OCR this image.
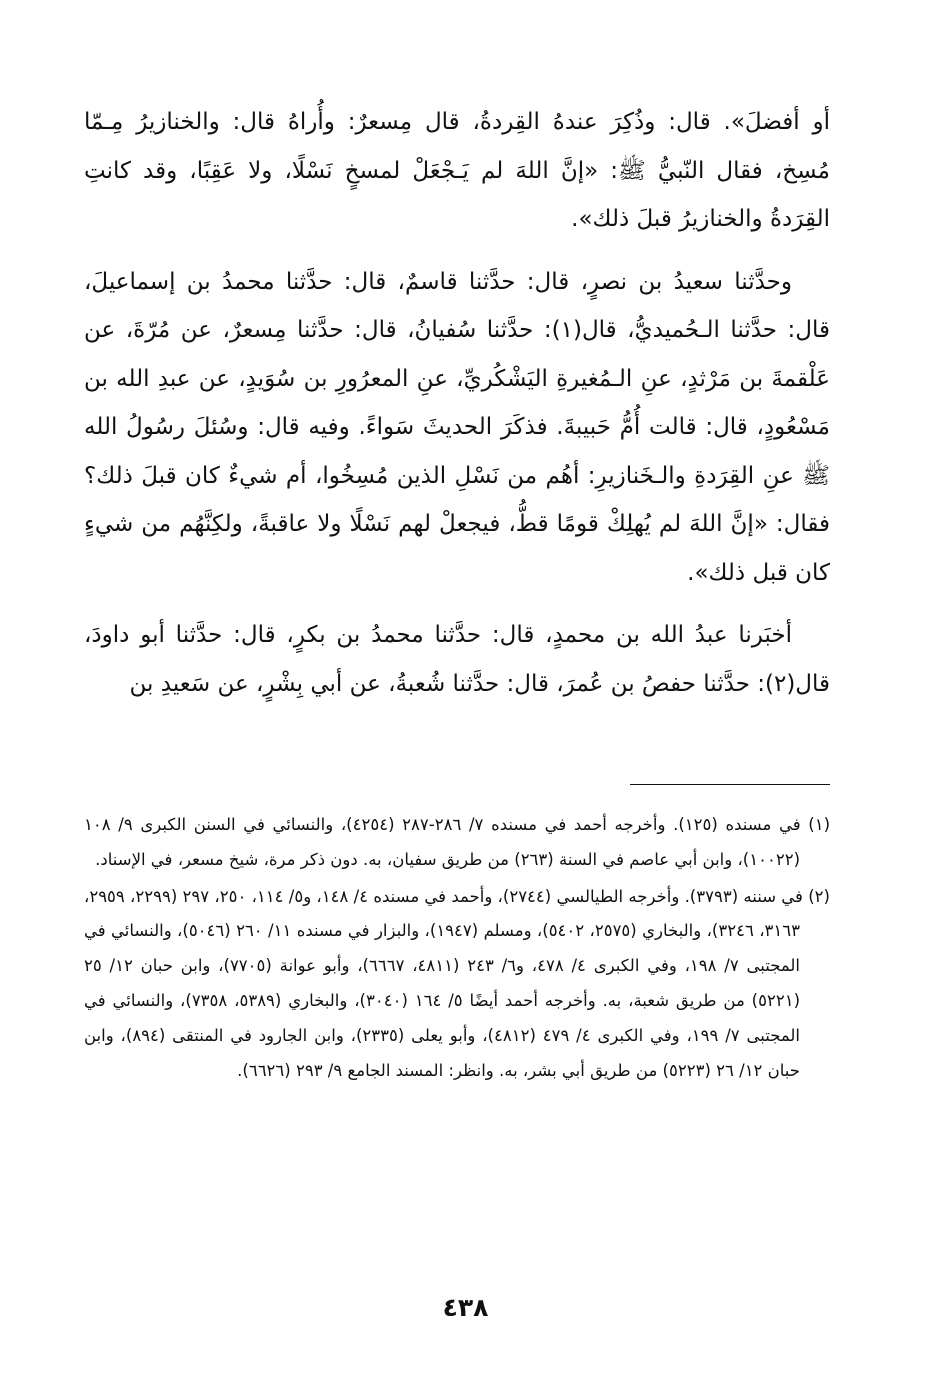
أو أفضلَ». قال: وذُكِرَ عندهُ القِردةُ، قال مِسعرٌ: وأُراهُ قال: والخنازيرُ مِـمّا مُسِخ، فقال النّبيُّ ﷺ: «إنَّ اللهَ لم يَـجْعَلْ لمسخٍ نَسْلًا، ولا عَقِبًا، وقد كانتِ القِرَدةُ والخنازيرُ قبلَ ذلك».

وحدَّثنا سعيدُ بن نصرٍ، قال: حدَّثنا قاسمٌ، قال: حدَّثنا محمدُ بن إسماعيلَ، قال: حدَّثنا الـحُميديُّ، قال(١): حدَّثنا سُفيانُ، قال: حدَّثنا مِسعرٌ، عن مُرّةَ، عن عَلْقمةَ بن مَرْثدٍ، عنِ الـمُغيرةِ اليَشْكُريِّ، عنِ المعرُورِ بن سُوَيدٍ، عن عبدِ الله بن مَسْعُودٍ، قال: قالت أُمُّ حَبيبةَ. فذكَرَ الحديثَ سَواءً. وفيه قال: وسُئلَ رسُولُ الله ﷺ عنِ القِرَدةِ والـخَنازيرِ: أهُم من نَسْلِ الذين مُسِخُوا، أم شيءٌ كان قبلَ ذلك؟ فقال: «إنَّ اللهَ لم يُهلِكْ قومًا قطُّ، فيجعلْ لهم نَسْلًا ولا عاقبةً، ولكِنَّهُم من شيءٍ كان قبل ذلك».

أخبَرنا عبدُ الله بن محمدٍ، قال: حدَّثنا محمدُ بن بكرٍ، قال: حدَّثنا أبو داودَ، قال(٢): حدَّثنا حفصُ بن عُمرَ، قال: حدَّثنا شُعبةُ، عن أبي بِشْرٍ، عن سَعيدِ بن

(١) في مسنده (١٢٥). وأخرجه أحمد في مسنده ٧/ ٢٨٦-٢٨٧ (٤٢٥٤)، والنسائي في السنن الكبرى ٩/ ١٠٨ (١٠٠٢٢)، وابن أبي عاصم في السنة (٢٦٣) من طريق سفيان، به. دون ذكر مرة، شيخ مسعر، في الإسناد.

(٢) في سننه (٣٧٩٣). وأخرجه الطيالسي (٢٧٤٤)، وأحمد في مسنده ٤/ ١٤٨، و٥/ ١١٤، ٢٥٠، ٢٩٧ (٢٢٩٩، ٢٩٥٩، ٣١٦٣، ٣٢٤٦)، والبخاري (٢٥٧٥، ٥٤٠٢)، ومسلم (١٩٤٧)، والبزار في مسنده ١١/ ٢٦٠ (٥٠٤٦)، والنسائي في المجتبى ٧/ ١٩٨، وفي الكبرى ٤/ ٤٧٨، و٦/ ٢٤٣ (٤٨١١، ٦٦٦٧)، وأبو عوانة (٧٧٠٥)، وابن حبان ١٢/ ٢٥ (٥٢٢١) من طريق شعبة، به. وأخرجه أحمد أيضًا ٥/ ١٦٤ (٣٠٤٠)، والبخاري (٥٣٨٩، ٧٣٥٨)، والنسائي في المجتبى ٧/ ١٩٩، وفي الكبرى ٤/ ٤٧٩ (٤٨١٢)، وأبو يعلى (٢٣٣٥)، وابن الجارود في المنتقى (٨٩٤)، وابن حبان ١٢/ ٢٦ (٥٢٢٣) من طريق أبي بشر، به. وانظر: المسند الجامع ٩/ ٢٩٣ (٦٦٢٦).

٤٣٨
